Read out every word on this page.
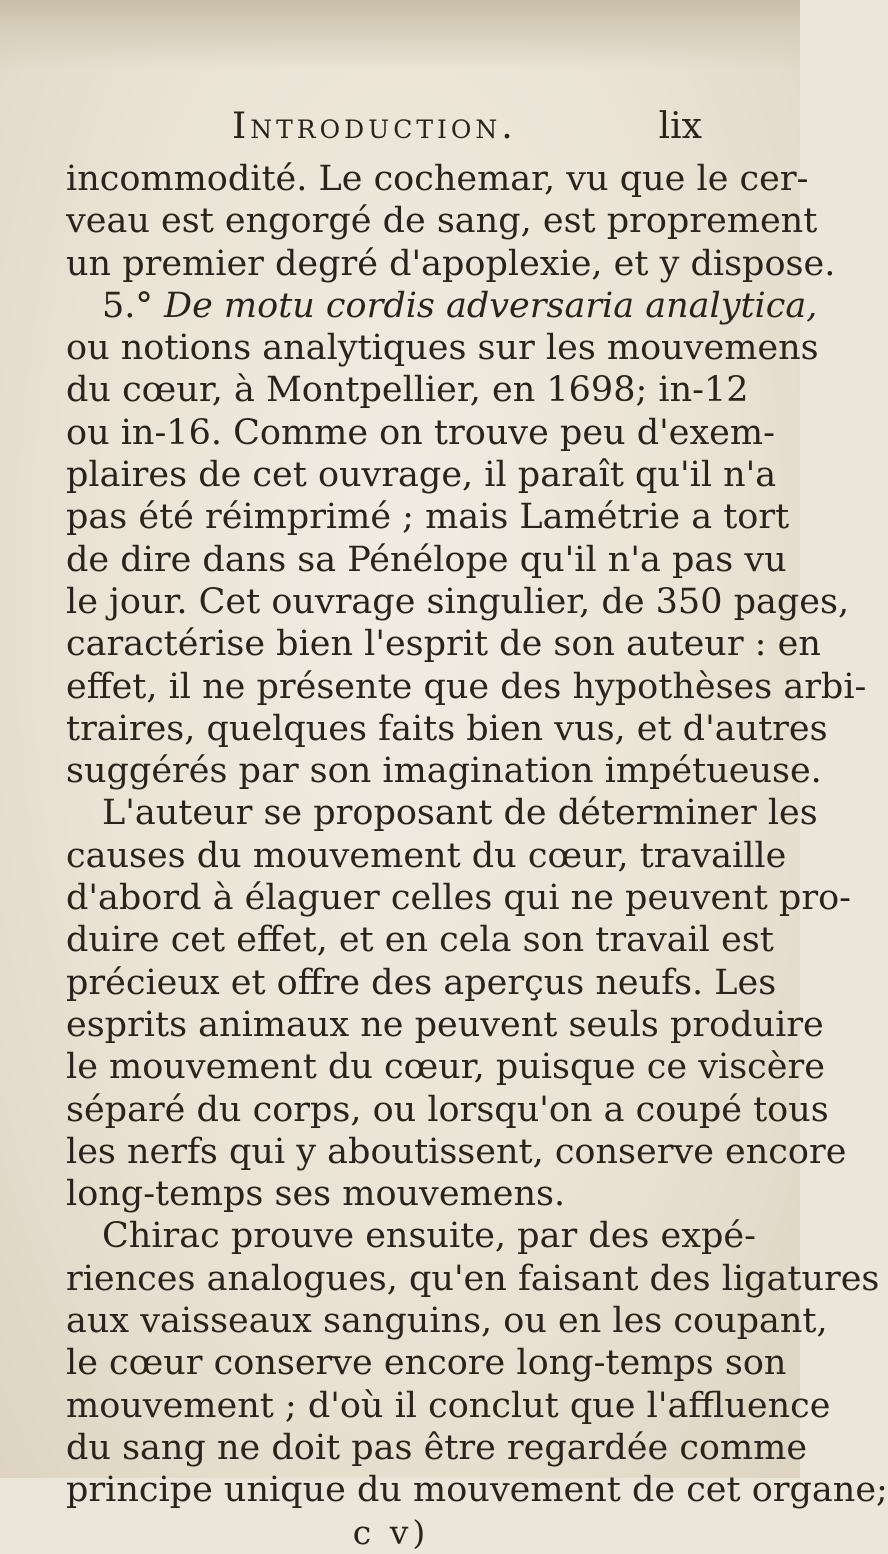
Introduction.	lix
incommodité. Le cochemar, vu que le cer-
veau est engorgé de sang, est proprement
un premier degré d'apoplexie, et y dispose.
5.° De motu cordis adversaria analytica,
ou notions analytiques sur les mouvemens
du cœur, à Montpellier, en 1698; in-12
ou in-16. Comme on trouve peu d'exem-
plaires de cet ouvrage, il paraît qu'il n'a
pas été réimprimé ; mais Lamétrie a tort
de dire dans sa Pénélope qu'il n'a pas vu
le jour. Cet ouvrage singulier, de 350 pages,
caractérise bien l'esprit de son auteur : en
effet, il ne présente que des hypothèses arbi-
traires, quelques faits bien vus, et d'autres
suggérés par son imagination impétueuse.
L'auteur se proposant de déterminer les
causes du mouvement du cœur, travaille
d'abord à élaguer celles qui ne peuvent pro-
duire cet effet, et en cela son travail est
précieux et offre des aperçus neufs. Les
esprits animaux ne peuvent seuls produire
le mouvement du cœur, puisque ce viscère
séparé du corps, ou lorsqu'on a coupé tous
les nerfs qui y aboutissent, conserve encore
long-temps ses mouvemens.
Chirac prouve ensuite, par des expé-
riences analogues, qu'en faisant des ligatures
aux vaisseaux sanguins, ou en les coupant,
le cœur conserve encore long-temps son
mouvement ; d'où il conclut que l'affluence
du sang ne doit pas être regardée comme
principe unique du mouvement de cet organe;
c v)
